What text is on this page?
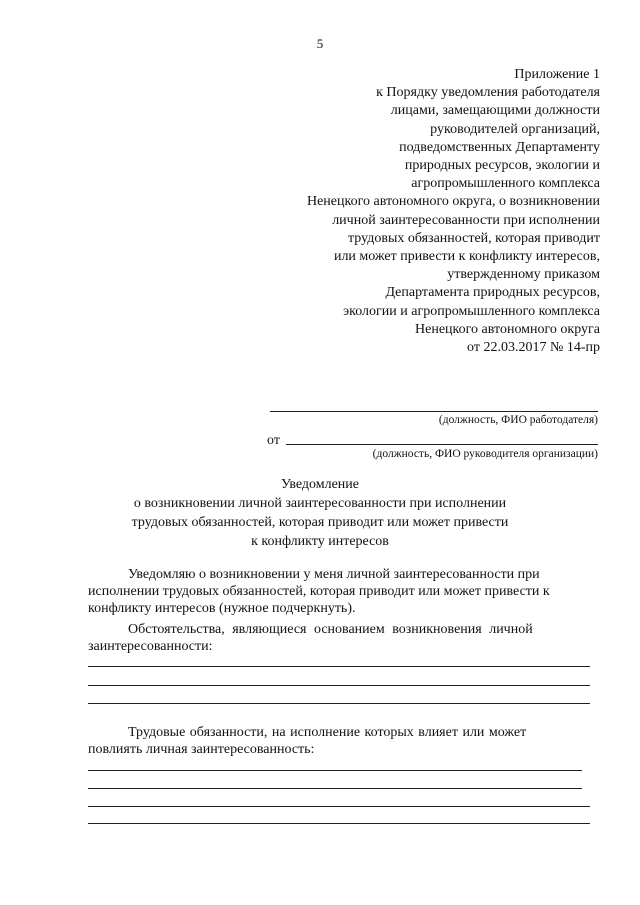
5
Приложение 1
к Порядку уведомления работодателя
лицами, замещающими должности
руководителей организаций,
подведомственных Департаменту
природных ресурсов, экологии и
агропромышленного комплекса
Ненецкого автономного округа, о возникновении
личной заинтересованности при исполнении
трудовых обязанностей, которая приводит
или может привести к конфликту интересов,
утвержденному приказом
Департамента природных ресурсов,
экологии и агропромышленного комплекса
Ненецкого автономного округа
от 22.03.2017 № 14-пр
(должность, ФИО работодателя)
от
(должность, ФИО руководителя организации)
Уведомление
о возникновении личной заинтересованности при исполнении
трудовых обязанностей, которая приводит или может привести
к конфликту интересов
Уведомляю о возникновении у меня личной заинтересованности при
исполнении трудовых обязанностей, которая приводит или может привести к
конфликту интересов (нужное подчеркнуть).
Обстоятельства, являющиеся основанием возникновения личной
заинтересованности:
Трудовые обязанности, на исполнение которых влияет или может
повлиять личная заинтересованность:
